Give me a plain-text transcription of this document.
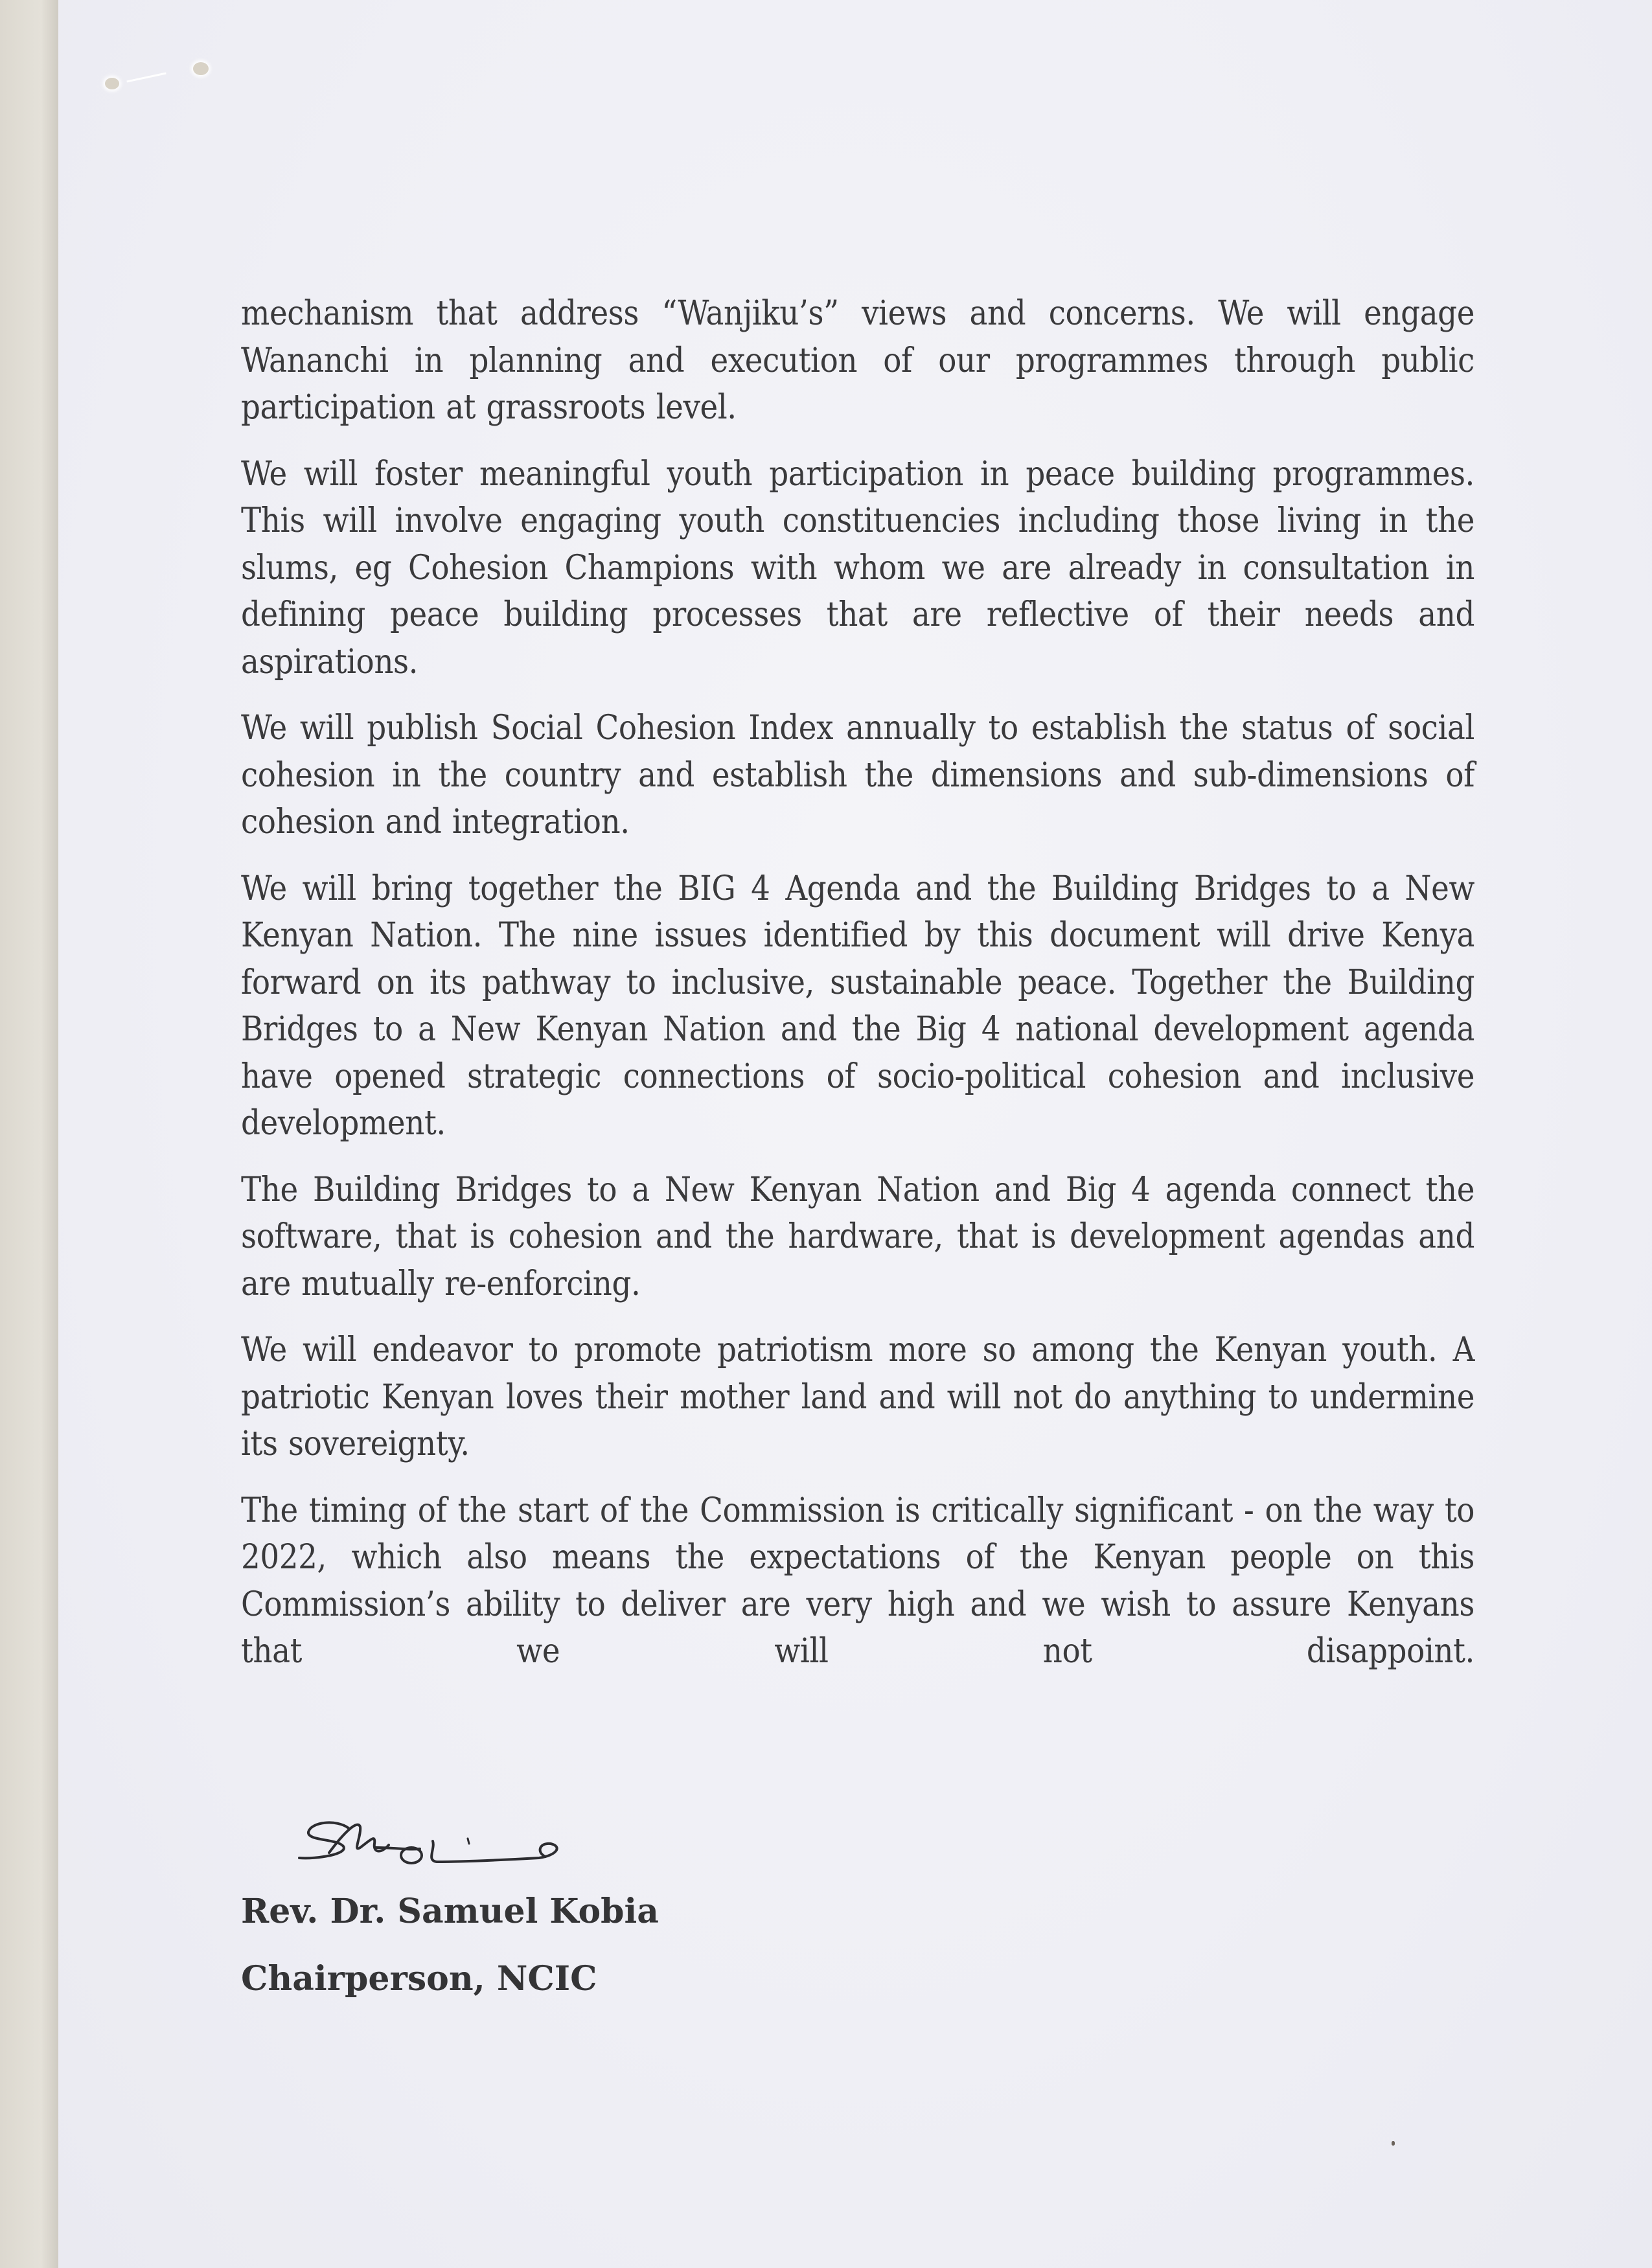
mechanism that address “Wanjiku’s” views and concerns. We will engage Wananchi in planning and execution of our programmes through public participation at grassroots level.

We will foster meaningful youth participation in peace building programmes. This will involve engaging youth constituencies including those living in the slums, eg Cohesion Champions with whom we are already in consultation in defining peace building processes that are reflective of their needs and aspirations.

We will publish Social Cohesion Index annually to establish the status of social cohesion in the country and establish the dimensions and sub-dimensions of cohesion and integration.

We will bring together the BIG 4 Agenda and the Building Bridges to a New Kenyan Nation. The nine issues identified by this document will drive Kenya forward on its pathway to inclusive, sustainable peace. Together the Building Bridges to a New Kenyan Nation and the Big 4 national development agenda have opened strategic connections of socio-political cohesion and inclusive development.

The Building Bridges to a New Kenyan Nation and Big 4 agenda connect the software, that is cohesion and the hardware, that is development agendas and are mutually re-enforcing.

We will endeavor to promote patriotism more so among the Kenyan youth. A patriotic Kenyan loves their mother land and will not do anything to undermine its sovereignty.

The timing of the start of the Commission is critically significant - on the way to 2022, which also means the expectations of the Kenyan people on this Commission’s ability to deliver are very high and we wish to assure Kenyans that we will not disappoint.

Rev. Dr. Samuel Kobia
Chairperson, NCIC
